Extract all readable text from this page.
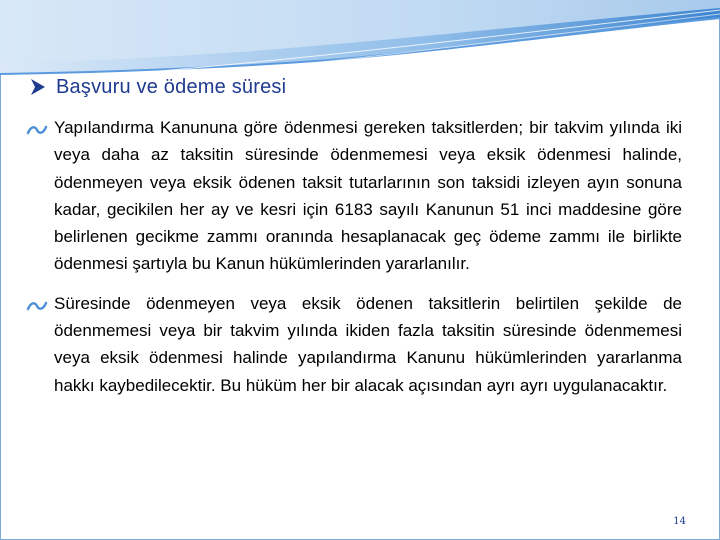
Başvuru ve ödeme süresi

Yapılandırma Kanununa göre ödenmesi gereken taksitlerden; bir takvim yılında iki veya daha az taksitin süresinde ödenmemesi veya eksik ödenmesi halinde, ödenmeyen veya eksik ödenen taksit tutarlarının son taksidi izleyen ayın sonuna kadar, gecikilen her ay ve kesri için 6183 sayılı Kanunun 51 inci maddesine göre belirlenen gecikme zammı oranında hesaplanacak geç ödeme zammı ile birlikte ödenmesi şartıyla bu Kanun hükümlerinden yararlanılır.

Süresinde ödenmeyen veya eksik ödenen taksitlerin belirtilen şekilde de ödenmemesi veya bir takvim yılında ikiden fazla taksitin süresinde ödenmemesi veya eksik ödenmesi halinde yapılandırma Kanunu hükümlerinden yararlanma hakkı kaybedilecektir. Bu hüküm her bir alacak açısından ayrı ayrı uygulanacaktır.

14
